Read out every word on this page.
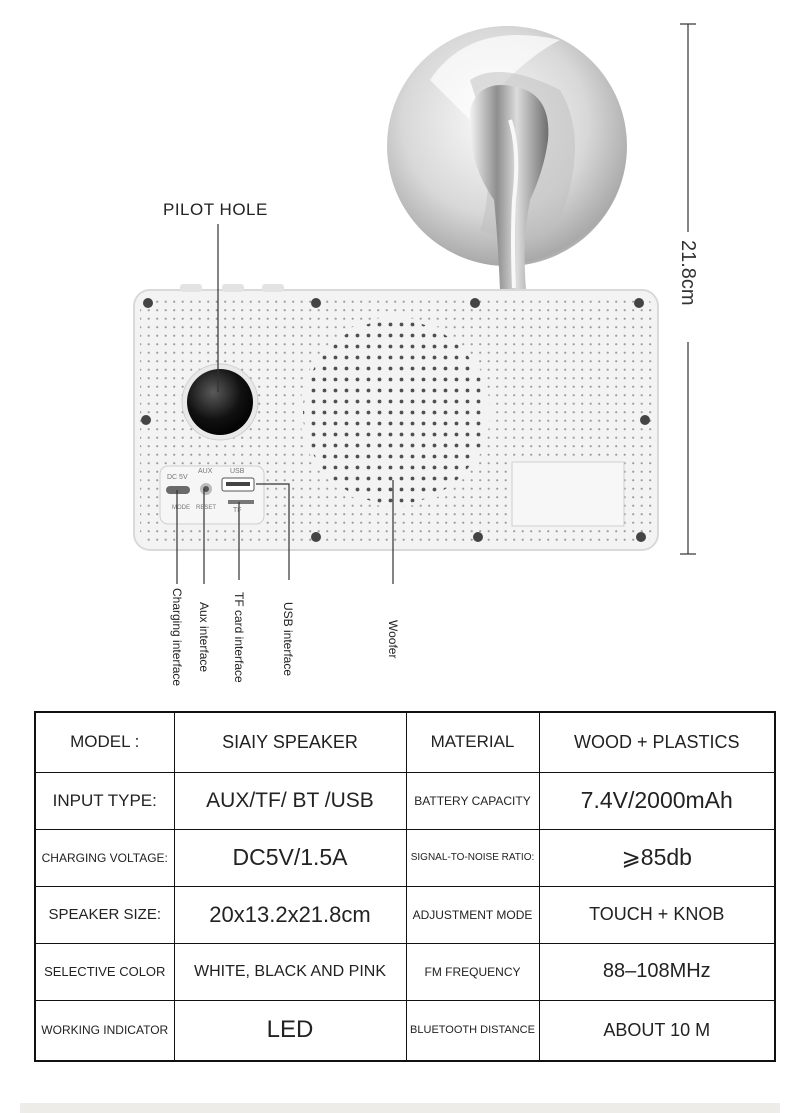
DC 5V
AUX	USB
RESET TF
MODE
PILOT HOLE
21.8cm
Charging interface Aux interface TF card interface	USB interface	Woofer
MODEL :	SIAIY SPEAKER	MATERIAL	WOOD + PLASTICS
INPUT TYPE:	AUX/TF/ BT /USB	BATTERY CAPACITY	7.4V/2000mAh
CHARGING VOLTAGE:	DC5V/1.5A	SIGNAL-TO-NOISE RATIO:	⩾85db
SPEAKER SIZE:	20x13.2x21.8cm	ADJUSTMENT MODE	TOUCH + KNOB
SELECTIVE COLOR	WHITE, BLACK AND PINK	FM FREQUENCY	88–108MHz
WORKING INDICATOR	LED	BLUETOOTH DISTANCE	ABOUT 10 M
